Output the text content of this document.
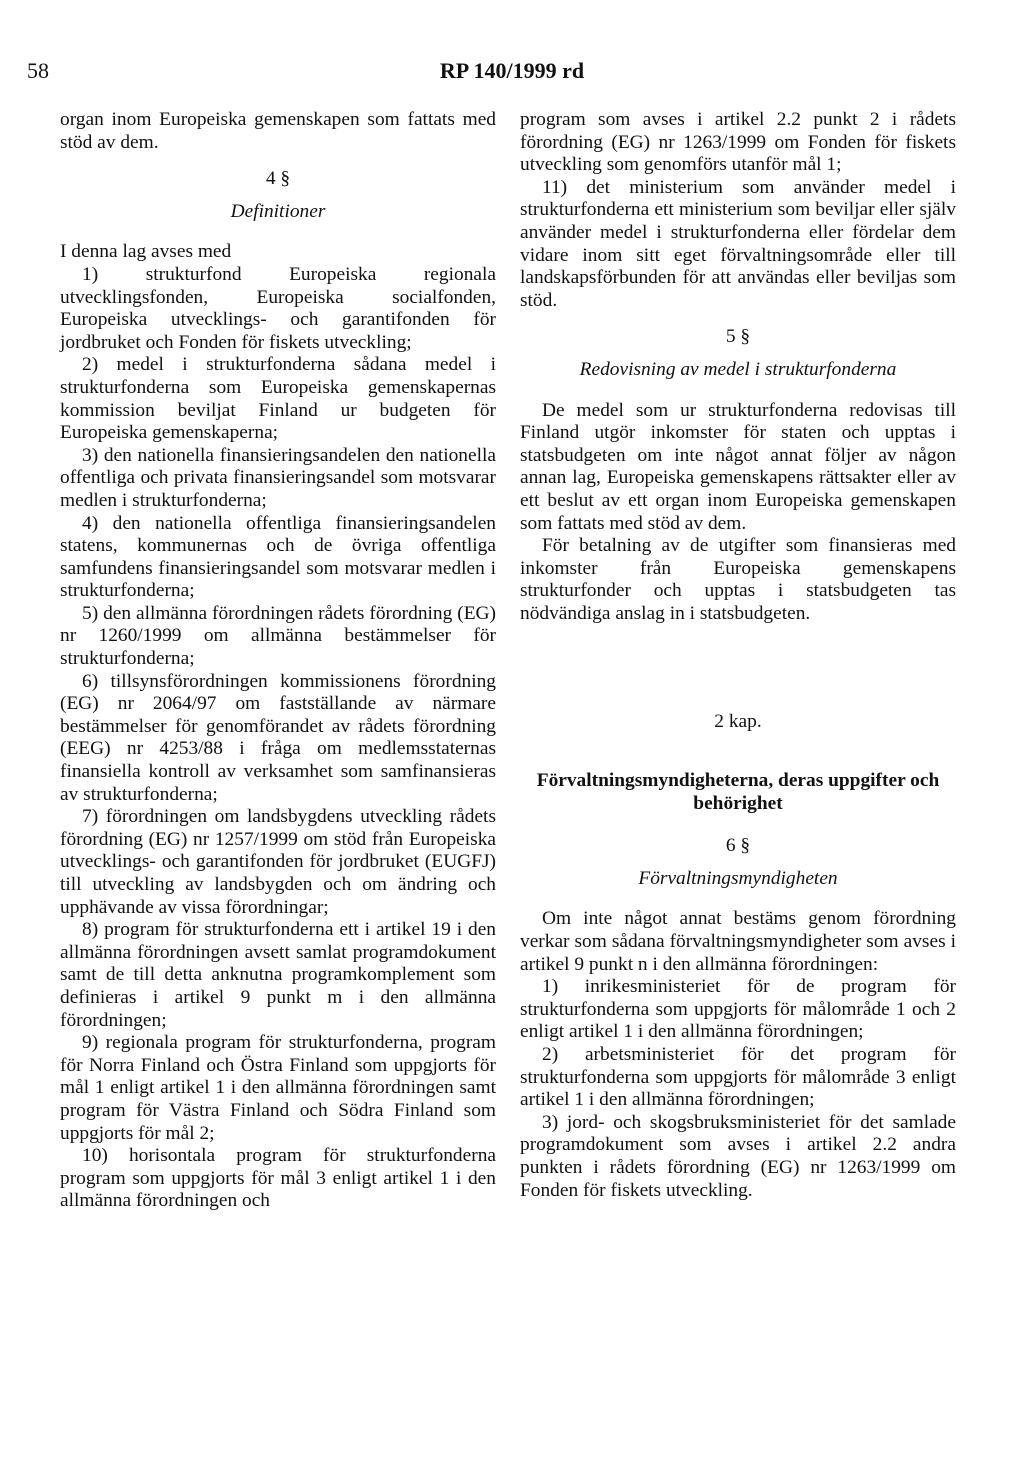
58	RP 140/1999 rd

organ inom Europeiska gemenskapen som fattats med stöd av dem.

4 §

Definitioner

I denna lag avses med

1) strukturfond Europeiska regionala utvecklingsfonden, Europeiska socialfonden, Europeiska utvecklings- och garantifonden för jordbruket och Fonden för fiskets utveckling;

2) medel i strukturfonderna sådana medel i strukturfonderna som Europeiska gemenskapernas kommission beviljat Finland ur budgeten för Europeiska gemenskaperna;

3) den nationella finansieringsandelen den nationella offentliga och privata finansieringsandel som motsvarar medlen i strukturfonderna;

4) den nationella offentliga finansieringsandelen statens, kommunernas och de övriga offentliga samfundens finansieringsandel som motsvarar medlen i strukturfonderna;

5) den allmänna förordningen rådets förordning (EG) nr 1260/1999 om allmänna bestämmelser för strukturfonderna;

6) tillsynsförordningen kommissionens förordning (EG) nr 2064/97 om fastställande av närmare bestämmelser för genomförandet av rådets förordning (EEG) nr 4253/88 i fråga om medlemsstaternas finansiella kontroll av verksamhet som samfinansieras av strukturfonderna;

7) förordningen om landsbygdens utveckling rådets förordning (EG) nr 1257/1999 om stöd från Europeiska utvecklings- och garantifonden för jordbruket (EUGFJ) till utveckling av landsbygden och om ändring och upphävande av vissa förordningar;

8) program för strukturfonderna ett i artikel 19 i den allmänna förordningen avsett samlat programdokument samt de till detta anknutna programkomplement som definieras i artikel 9 punkt m i den allmänna förordningen;

9) regionala program för strukturfonderna, program för Norra Finland och Östra Finland som uppgjorts för mål 1 enligt artikel 1 i den allmänna förordningen samt program för Västra Finland och Södra Finland som uppgjorts för mål 2;

10) horisontala program för strukturfonderna program som uppgjorts för mål 3 enligt artikel 1 i den allmänna förordningen och

program som avses i artikel 2.2 punkt 2 i rådets förordning (EG) nr 1263/1999 om Fonden för fiskets utveckling som genomförs utanför mål 1;

11) det ministerium som använder medel i strukturfonderna ett ministerium som beviljar eller själv använder medel i strukturfonderna eller fördelar dem vidare inom sitt eget förvaltningsområde eller till landskapsförbunden för att användas eller beviljas som stöd.

5 §

Redovisning av medel i strukturfonderna

De medel som ur strukturfonderna redovisas till Finland utgör inkomster för staten och upptas i statsbudgeten om inte något annat följer av någon annan lag, Europeiska gemenskapens rättsakter eller av ett beslut av ett organ inom Europeiska gemenskapen som fattats med stöd av dem.

För betalning av de utgifter som finansieras med inkomster från Europeiska gemenskapens strukturfonder och upptas i statsbudgeten tas nödvändiga anslag in i statsbudgeten.

2 kap.

Förvaltningsmyndigheterna, deras uppgifter och behörighet

6 §

Förvaltningsmyndigheten

Om inte något annat bestäms genom förordning verkar som sådana förvaltningsmyndigheter som avses i artikel 9 punkt n i den allmänna förordningen:

1) inrikesministeriet för de program för strukturfonderna som uppgjorts för målområde 1 och 2 enligt artikel 1 i den allmänna förordningen;

2) arbetsministeriet för det program för strukturfonderna som uppgjorts för målområde 3 enligt artikel 1 i den allmänna förordningen;

3) jord- och skogsbruksministeriet för det samlade programdokument som avses i artikel 2.2 andra punkten i rådets förordning (EG) nr 1263/1999 om Fonden för fiskets utveckling.
